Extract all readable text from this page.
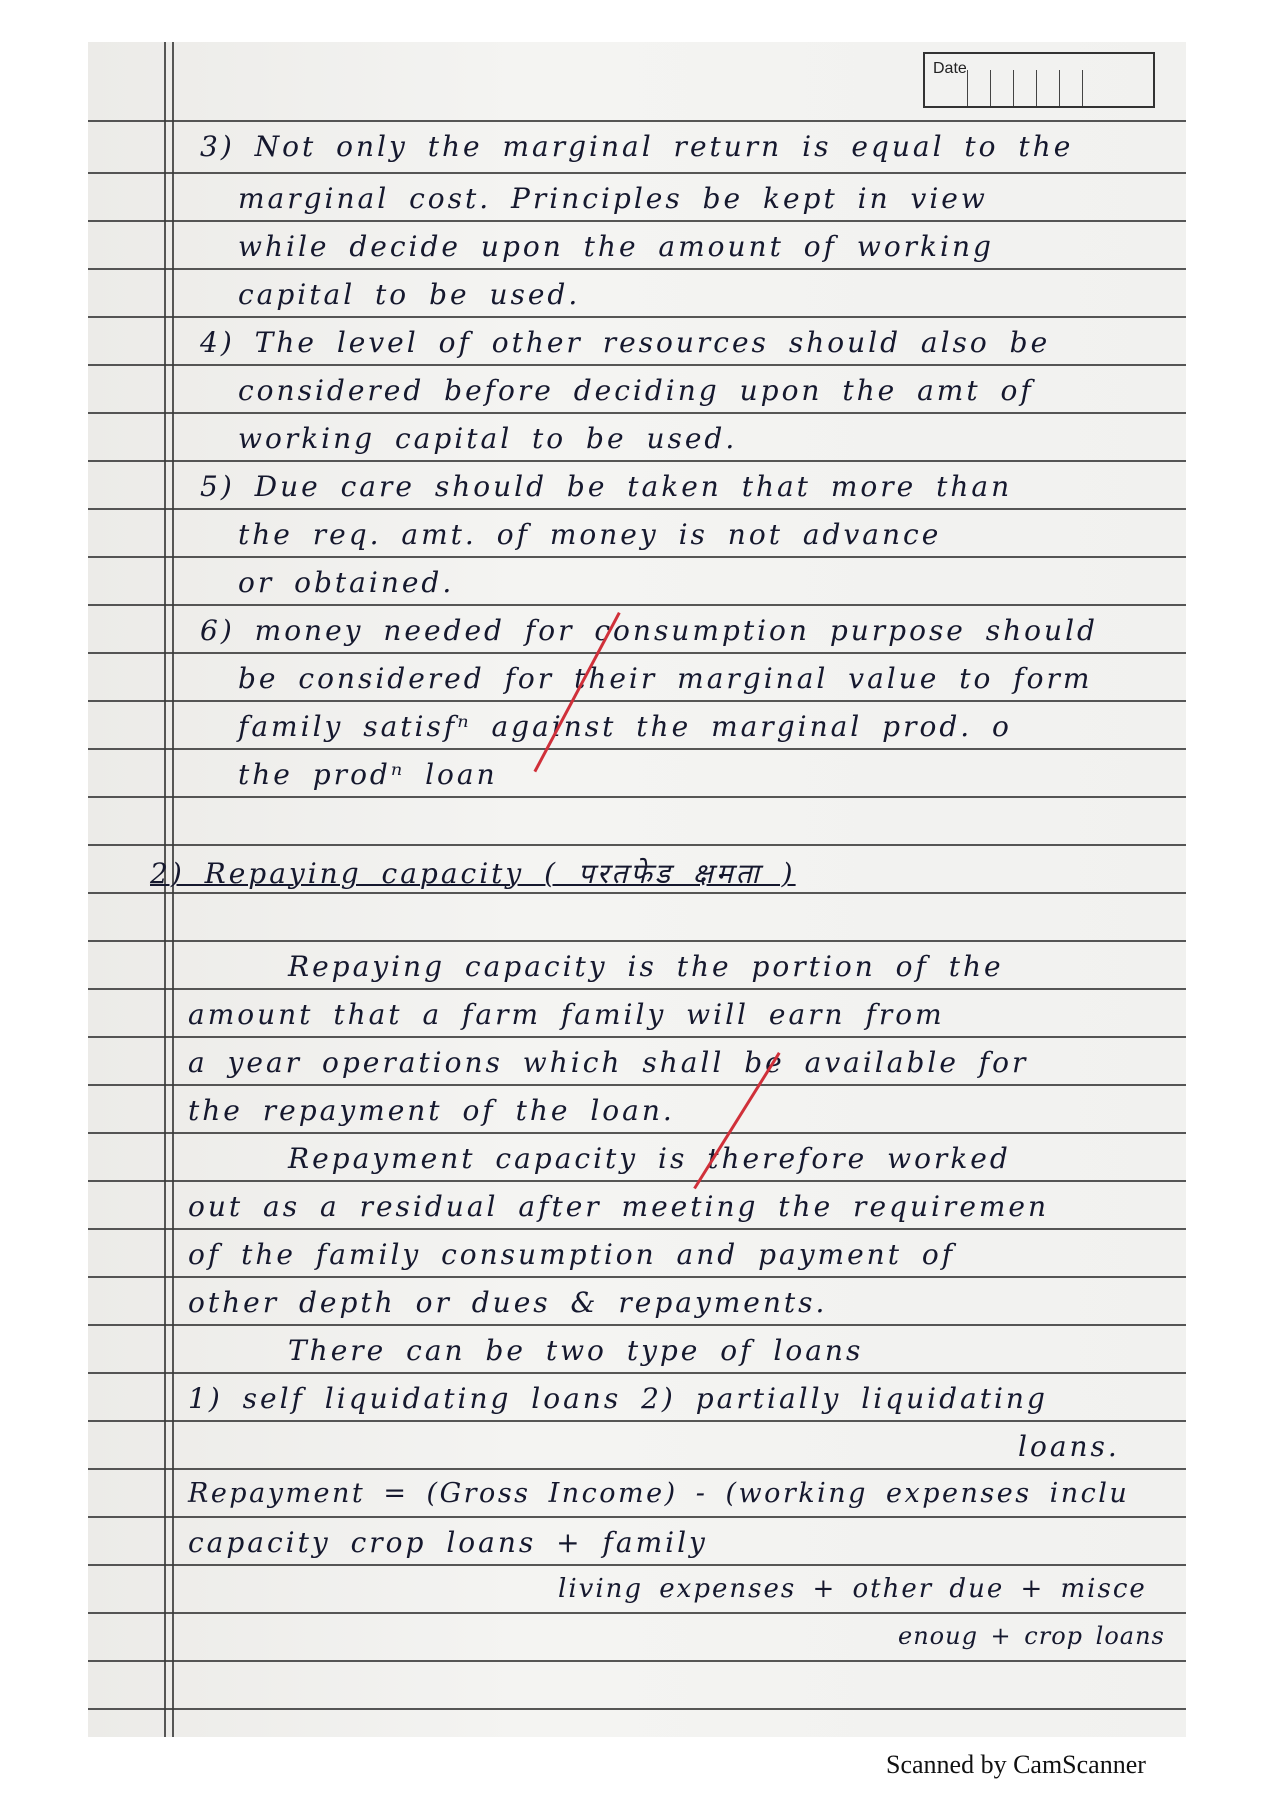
Date
3) Not only the marginal return is equal to the
marginal cost. Principles be kept in view
while decide upon the amount of working
capital to be used.
4) The level of other resources should also be
considered before deciding upon the amt of
working capital to be used.
5) Due care should be taken that more than
the req. amt. of money is not advance
or obtained.
6) money needed for consumption purpose should
be considered for their marginal value to form
family satisfⁿ against the marginal prod. o
the prodⁿ loan
2) Repaying capacity ( परतफेड क्षमता )
Repaying capacity is the portion of the
amount that a farm family will earn from
a year operations which shall be available for
the repayment of the loan.
Repayment capacity is therefore worked
out as a residual after meeting the requiremen
of the family consumption and payment of
other depth or dues & repayments.
There can be two type of loans
1) self liquidating loans 2) partially liquidating
loans.
Repayment = (Gross Income) - (working expenses inclu
capacity crop loans + family
living expenses + other due + misce
enoug + crop loans
Scanned by CamScanner
